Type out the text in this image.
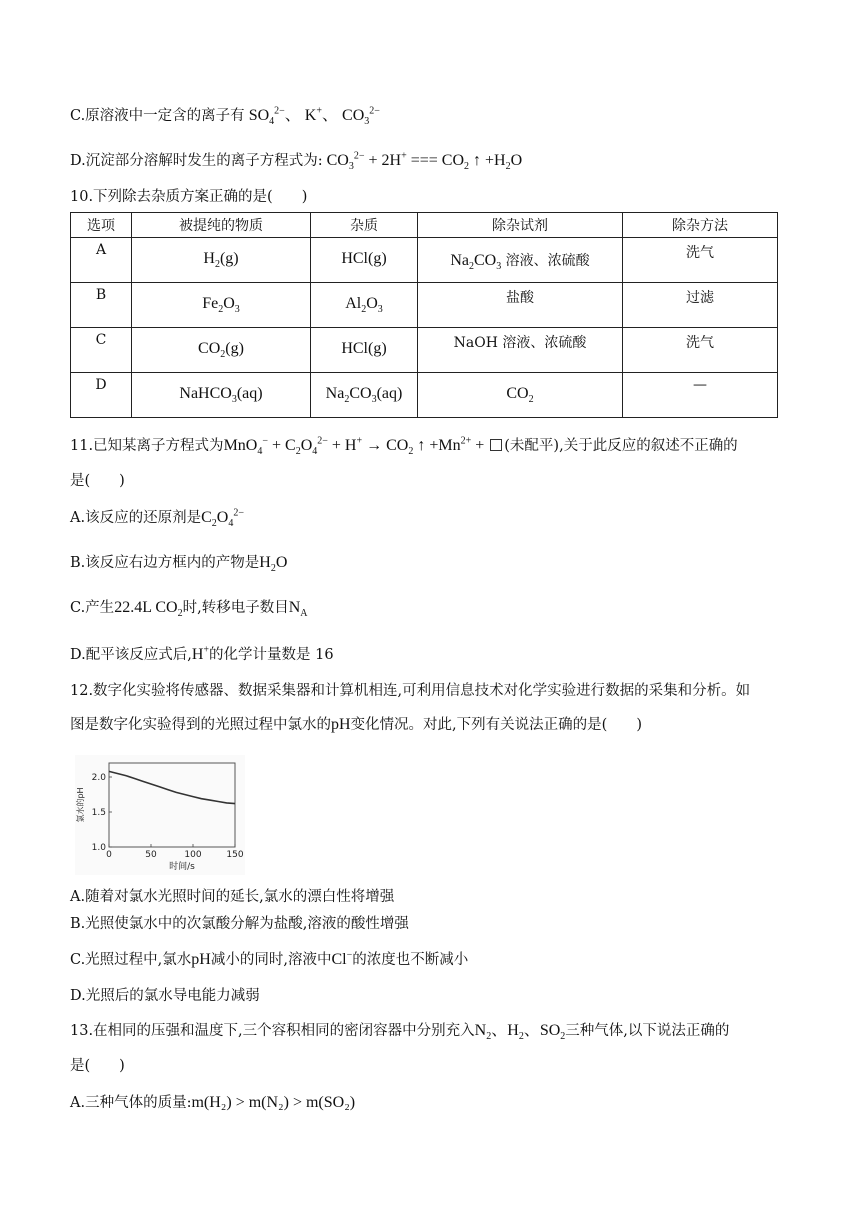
C.原溶液中一定含的离子有 $SO_4^{2-}$、 K+、 $CO_3^{2-}$
D.沉淀部分溶解时发生的离子方程式为: $CO_3^{2-} + 2H^+$ === $CO_2$ ↑ $+H_2O$
10.下列除去杂质方案正确的是(　　)
选项	被提纯的物质	杂质	除杂试剂	除杂方法

A	$H_2(g)$	HCl(g)	$Na_2CO_3$ 溶液、浓硫酸	洗气

B	$Fe_2O_3$	$Al_2O_3$	盐酸	过滤

C	$CO_2(g)$	HCl(g)	NaOH 溶液、浓硫酸	洗气

D	NaHCO$_3$(aq)	$Na_2CO_3(aq)$	$CO_2$	—
11.已知某离子方程式为$MnO_4^- + C_2O_4^{2-} + H^+ \to CO_2$ ↑ $+Mn^{2+}$ + (未配平),关于此反应的叙述不正确的
是(　　)
A.该反应的还原剂是$C_2O_4^{2-}$
B.该反应右边方框内的产物是$H_2O$
C.产生22.4L $CO_2$时,转移电子数目$N_A$
D.配平该反应式后,H+的化学计量数是 16
12.数字化实验将传感器、数据采集器和计算机相连,可利用信息技术对化学实验进行数据的采集和分析。如
图是数字化实验得到的光照过程中氯水的pH变化情况。对此,下列有关说法正确的是(　　)
0	50	100	150
1.0
1.5
2.0
时间/s
氯水的pH
A.随着对氯水光照时间的延长,氯水的漂白性将增强
B.光照使氯水中的次氯酸分解为盐酸,溶液的酸性增强
C.光照过程中,氯水pH减小的同时,溶液中Cl−的浓度也不断减小
D.光照后的氯水导电能力减弱
13.在相同的压强和温度下,三个容积相同的密闭容器中分别充入$N_2$、$H_2$、$SO_2$三种气体,以下说法正确的
是(　　)
A.三种气体的质量:m(H₂) > m(N₂) > m(SO₂)
